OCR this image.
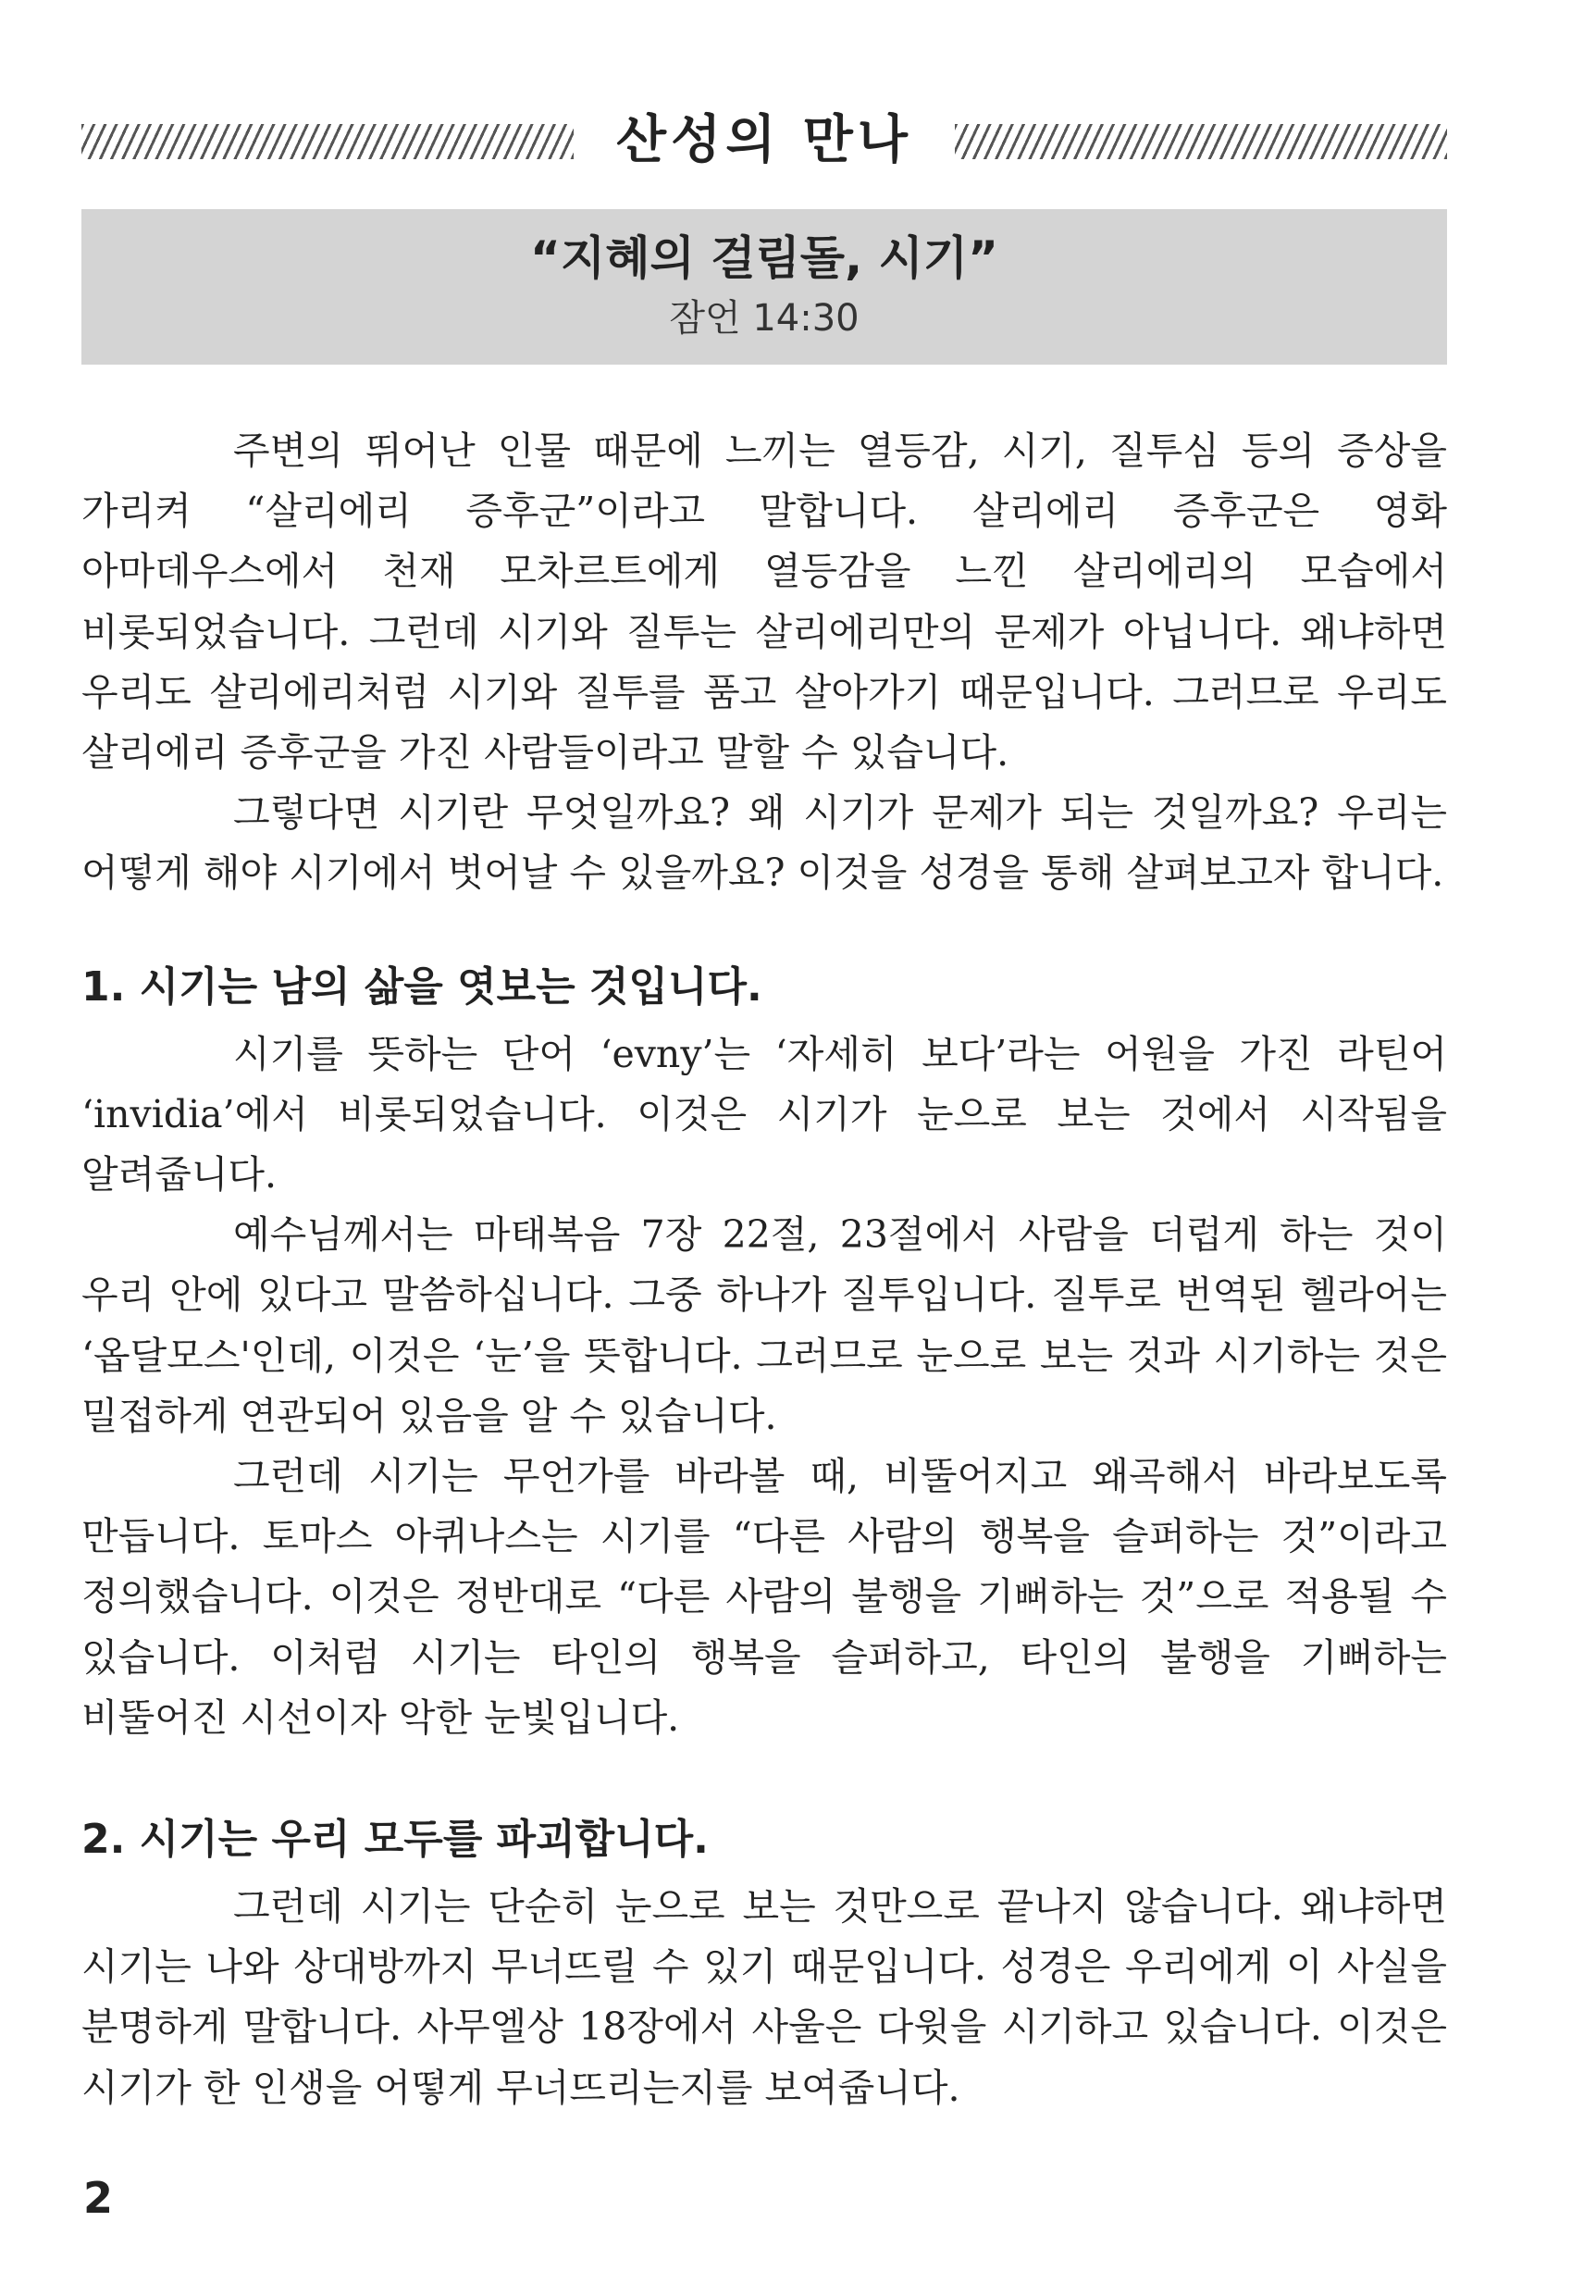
산성의 만나
“지혜의 걸림돌, 시기”
잠언 14:30

주변의 뛰어난 인물 때문에 느끼는 열등감, 시기, 질투심 등의 증상을 가리켜 “살리에리 증후군”이라고 말합니다. 살리에리 증후군은 영화 아마데우스에서 천재 모차르트에게 열등감을 느낀 살리에리의 모습에서 비롯되었습니다. 그런데 시기와 질투는 살리에리만의 문제가 아닙니다. 왜냐하면 우리도 살리에리처럼 시기와 질투를 품고 살아가기 때문입니다. 그러므로 우리도 살리에리 증후군을 가진 사람들이라고 말할 수 있습니다.

그렇다면 시기란 무엇일까요? 왜 시기가 문제가 되는 것일까요? 우리는 어떻게 해야 시기에서 벗어날 수 있을까요? 이것을 성경을 통해 살펴보고자 합니다.

1. 시기는 남의 삶을 엿보는 것입니다.

시기를 뜻하는 단어 ‘evny’는 ‘자세히 보다’라는 어원을 가진 라틴어 ‘invidia’에서 비롯되었습니다. 이것은 시기가 눈으로 보는 것에서 시작됨을 알려줍니다.

예수님께서는 마태복음 7장 22절, 23절에서 사람을 더럽게 하는 것이 우리 안에 있다고 말씀하십니다. 그중 하나가 질투입니다. 질투로 번역된 헬라어는 ‘옵달모스'인데, 이것은 ‘눈’을 뜻합니다. 그러므로 눈으로 보는 것과 시기하는 것은 밀접하게 연관되어 있음을 알 수 있습니다.

그런데 시기는 무언가를 바라볼 때, 비뚤어지고 왜곡해서 바라보도록 만듭니다. 토마스 아퀴나스는 시기를 “다른 사람의 행복을 슬퍼하는 것”이라고 정의했습니다. 이것은 정반대로 “다른 사람의 불행을 기뻐하는 것”으로 적용될 수 있습니다. 이처럼 시기는 타인의 행복을 슬퍼하고, 타인의 불행을 기뻐하는 비뚤어진 시선이자 악한 눈빛입니다.

2. 시기는 우리 모두를 파괴합니다.

그런데 시기는 단순히 눈으로 보는 것만으로 끝나지 않습니다. 왜냐하면 시기는 나와 상대방까지 무너뜨릴 수 있기 때문입니다. 성경은 우리에게 이 사실을 분명하게 말합니다. 사무엘상 18장에서 사울은 다윗을 시기하고 있습니다. 이것은 시기가 한 인생을 어떻게 무너뜨리는지를 보여줍니다.

2
